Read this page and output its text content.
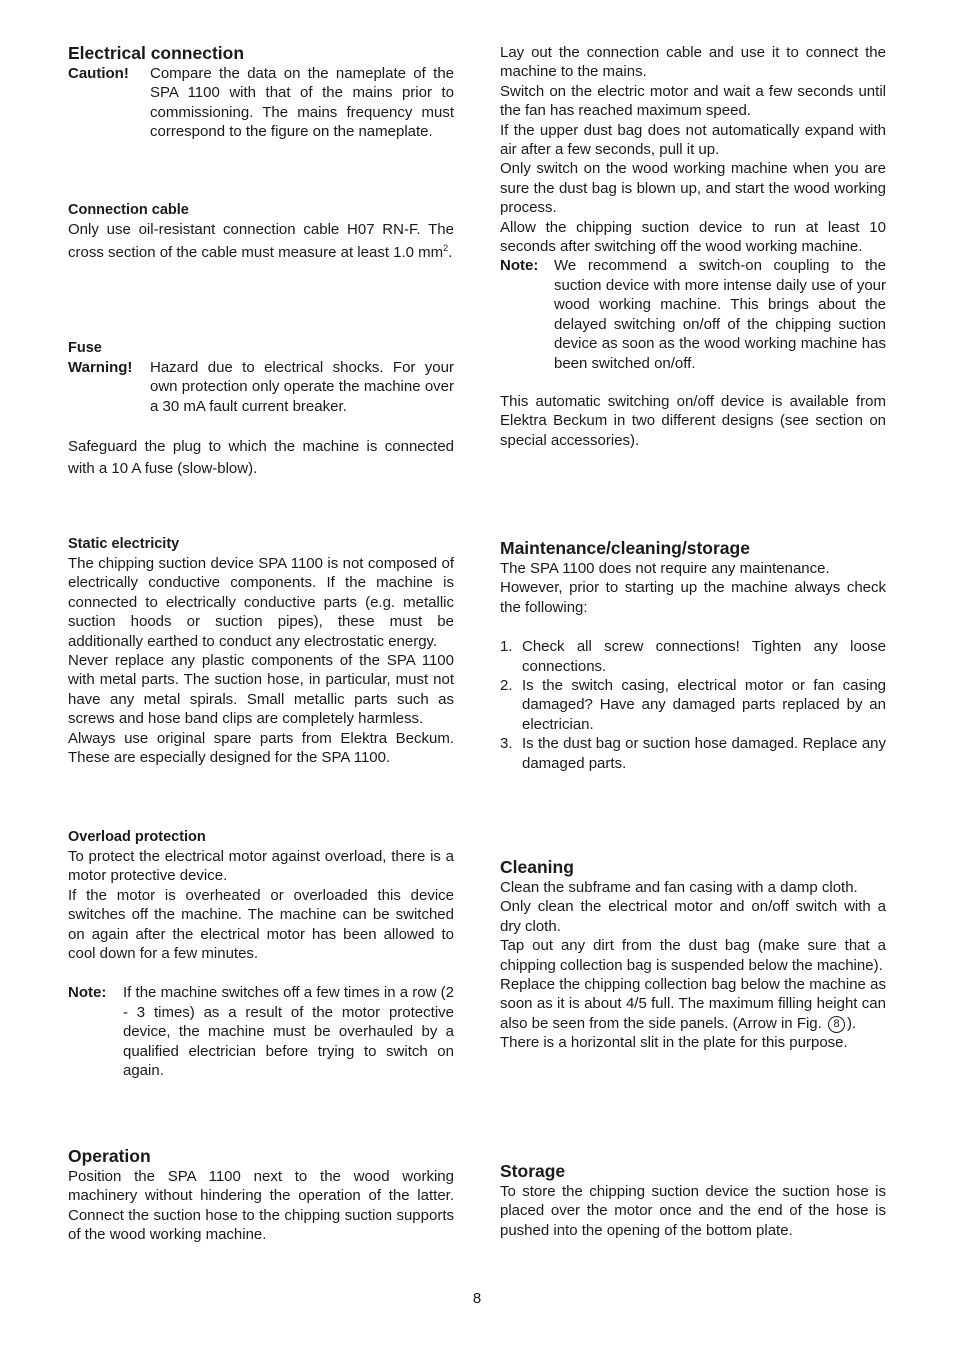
Electrical connection
Caution! Compare the data on the nameplate of the SPA 1100 with that of the mains prior to commissioning. The mains frequency must correspond to the figure on the nameplate.
Connection cable

Only use oil-resistant connection cable H07 RN-F. The cross section of the cable must measure at least 1.0 $mm^2$.

Fuse
Warning! Hazard due to electrical shocks. For your own protection only operate the machine over a 30 mA fault current breaker.

Safeguard the plug to which the machine is connected with a 10 A fuse (slow-blow).

Static electricity

The chipping suction device SPA 1100 is not composed of electrically conductive components. If the machine is connected to electrically conductive parts (e.g. metallic suction hoods or suction pipes), these must be additionally earthed to conduct any electrostatic energy.

Never replace any plastic components of the SPA 1100 with metal parts. The suction hose, in particular, must not have any metal spirals. Small metallic parts such as screws and hose band clips are completely harmless.

Always use original spare parts from Elektra Beckum. These are especially designed for the SPA 1100.

Overload protection

To protect the electrical motor against overload, there is a motor protective device.

If the motor is overheated or overloaded this device switches off the machine. The machine can be switched on again after the electrical motor has been allowed to cool down for a few minutes.

Note: If the machine switches off a few times in a row (2 - 3 times) as a result of the motor protective device, the machine must be overhauled by a qualified electrician before trying to switch on again.
Operation

Position the SPA 1100 next to the wood working machinery without hindering the operation of the latter. Connect the suction hose to the chipping suction supports of the wood working machine.

Lay out the connection cable and use it to connect the machine to the mains.

Switch on the electric motor and wait a few seconds until the fan has reached maximum speed.

If the upper dust bag does not automatically expand with air after a few seconds, pull it up.

Only switch on the wood working machine when you are sure the dust bag is blown up, and start the wood working process.

Allow the chipping suction device to run at least 10 seconds after switching off the wood working machine.

Note: We recommend a switch-on coupling to the suction device with more intense daily use of your wood working machine. This brings about the delayed switching on/off of the chipping suction device as soon as the wood working machine has been switched on/off.

This automatic switching on/off device is available from Elektra Beckum in two different designs (see section on special accessories).

Maintenance/cleaning/storage

The SPA 1100 does not require any maintenance.

However, prior to starting up the machine always check the following:

1. Check all screw connections! Tighten any loose connections.
2. Is the switch casing, electrical motor or fan casing damaged? Have any damaged parts replaced by an electrician.
3. Is the dust bag or suction hose damaged. Replace any damaged parts.
Cleaning

Clean the subframe and fan casing with a damp cloth.

Only clean the electrical motor and on/off switch with a dry cloth.

Tap out any dirt from the dust bag (make sure that a chipping collection bag is suspended below the machine).

Replace the chipping collection bag below the machine as soon as it is about 4/5 full. The maximum filling height can also be seen from the side panels. (Arrow in Fig. 8 ).

There is a horizontal slit in the plate for this purpose.

Storage

To store the chipping suction device the suction hose is placed over the motor once and the end of the hose is pushed into the opening of the bottom plate.

8
